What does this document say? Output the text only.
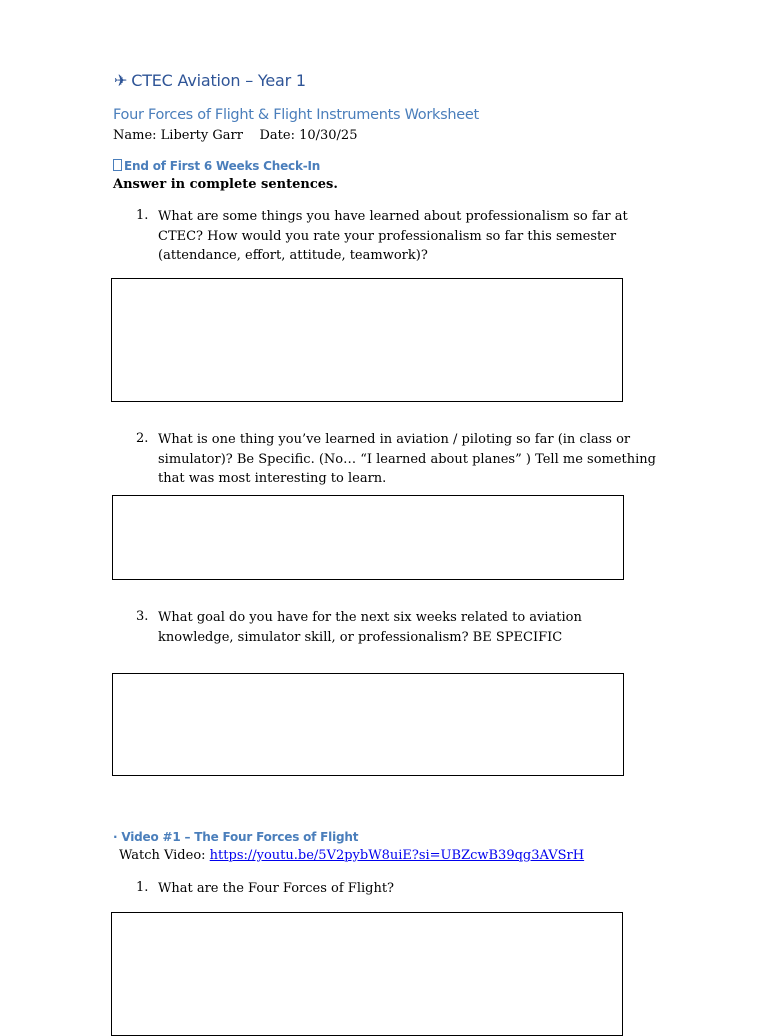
✈ CTEC Aviation – Year 1
Four Forces of Flight & Flight Instruments Worksheet
Name: Liberty Garr    Date: 10/30/25
End of First 6 Weeks Check-In
Answer in complete sentences.
1. What are some things you have learned about professionalism so far at CTEC? How would you rate your professionalism so far this semester (attendance, effort, attitude, teamwork)?
2. What is one thing you’ve learned in aviation / piloting so far (in class or simulator)? Be Specific. (No… “I learned about planes” ) Tell me something that was most interesting to learn.
3. What goal do you have for the next six weeks related to aviation knowledge, simulator skill, or professionalism? BE SPECIFIC
· Video #1 – The Four Forces of Flight
Watch Video: https://youtu.be/5V2pybW8uiE?si=UBZcwB39qg3AVSrH
1. What are the Four Forces of Flight?
